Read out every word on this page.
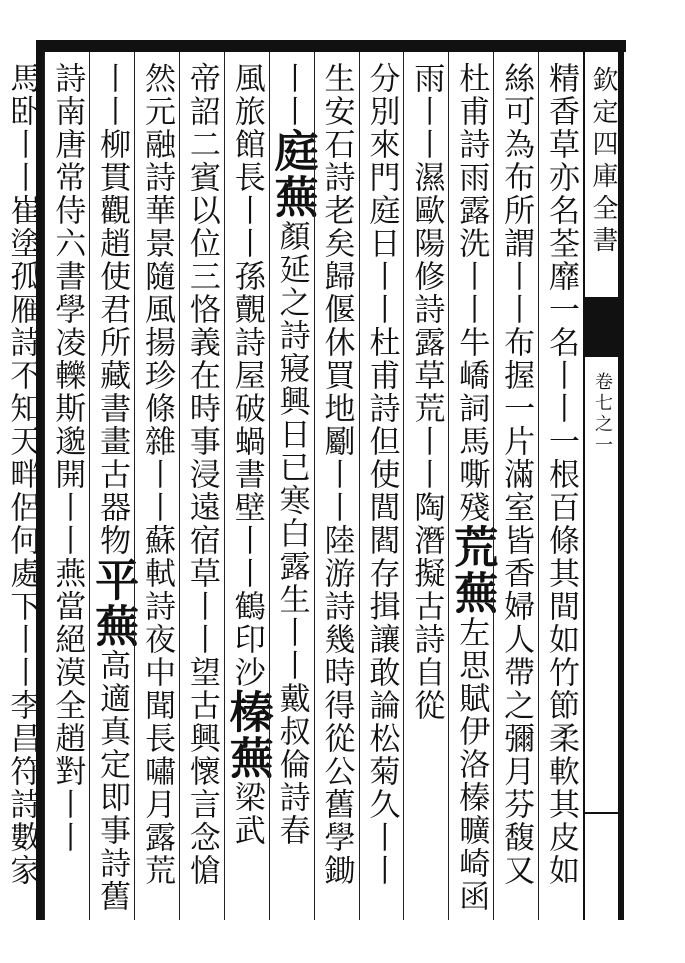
欽定四庫全書
卷七之一
精香草亦名荃靡一名丨丨一根百條其間如竹節柔軟其皮如
絲可為布所謂丨丨布握一片滿室皆香婦人帶之彌月芬馥又
杜甫詩雨露洗丨丨牛嶠詞馬嘶殘荒蕪左思賦伊洛榛曠崎函
雨丨丨濕歐陽修詩露草荒丨丨陶潛擬古詩自從
分別來門庭日丨丨杜甫詩但使閭閻存揖讓敢論松菊久丨丨
生安石詩老矣歸偃休買地劚丨丨陸游詩幾時得從公舊學鋤
丨丨庭蕪顏延之詩寢興日已寒白露生丨丨戴叔倫詩春
風旅館長丨丨孫覿詩屋破蝸書壁丨丨鶴印沙榛蕪梁武
帝詔二賓以位三恪義在時事浸遠宿草丨丨望古興懷言念愴
然元融詩華景隨風揚珍條雜丨丨蘇軾詩夜中聞長嘯月露荒
丨丨柳貫觀趙使君所藏書畫古器物平蕪高適真定即事詩舊
詩南唐常侍六書學凌轢斯邈開丨丨燕當絕漠全趙對丨丨
馬卧丨丨崔塗孤雁詩不知天畔侶何處下丨丨李昌符詩數家
